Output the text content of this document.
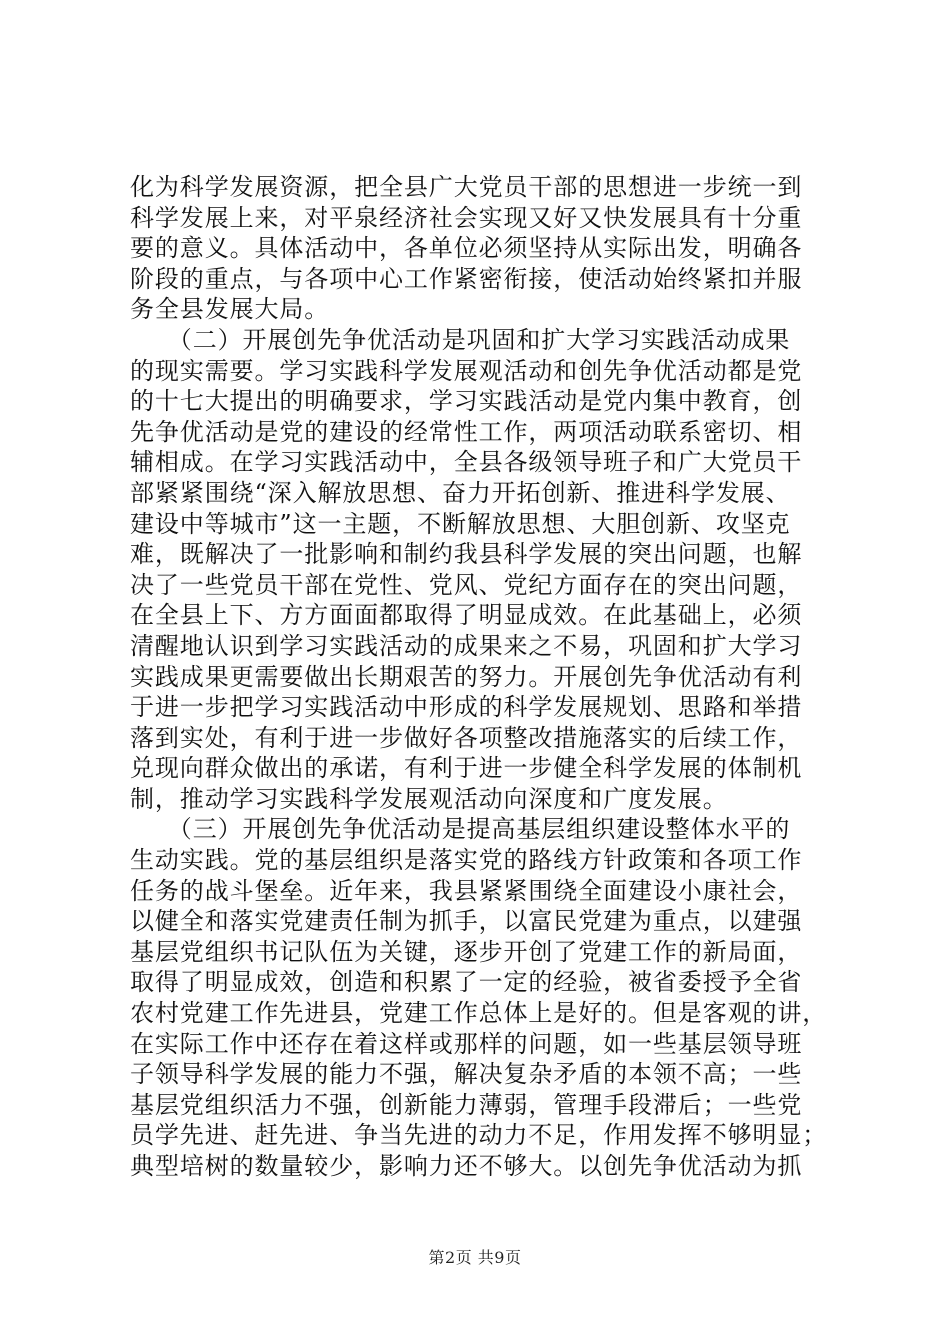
化为科学发展资源，把全县广大党员干部的思想进一步统一到
科学发展上来，对平泉经济社会实现又好又快发展具有十分重
要的意义。具体活动中，各单位必须坚持从实际出发，明确各
阶段的重点，与各项中心工作紧密衔接，使活动始终紧扣并服
务全县发展大局。
　　（二）开展创先争优活动是巩固和扩大学习实践活动成果
的现实需要。学习实践科学发展观活动和创先争优活动都是党
的十七大提出的明确要求，学习实践活动是党内集中教育，创
先争优活动是党的建设的经常性工作，两项活动联系密切、相
辅相成。在学习实践活动中，全县各级领导班子和广大党员干
部紧紧围绕“深入解放思想、奋力开拓创新、推进科学发展、
建设中等城市”这一主题，不断解放思想、大胆创新、攻坚克
难，既解决了一批影响和制约我县科学发展的突出问题，也解
决了一些党员干部在党性、党风、党纪方面存在的突出问题，
在全县上下、方方面面都取得了明显成效。在此基础上，必须
清醒地认识到学习实践活动的成果来之不易，巩固和扩大学习
实践成果更需要做出长期艰苦的努力。开展创先争优活动有利
于进一步把学习实践活动中形成的科学发展规划、思路和举措
落到实处，有利于进一步做好各项整改措施落实的后续工作，
兑现向群众做出的承诺，有利于进一步健全科学发展的体制机
制，推动学习实践科学发展观活动向深度和广度发展。
　　（三）开展创先争优活动是提高基层组织建设整体水平的
生动实践。党的基层组织是落实党的路线方针政策和各项工作
任务的战斗堡垒。近年来，我县紧紧围绕全面建设小康社会，
以健全和落实党建责任制为抓手，以富民党建为重点，以建强
基层党组织书记队伍为关键，逐步开创了党建工作的新局面，
取得了明显成效，创造和积累了一定的经验，被省委授予全省
农村党建工作先进县，党建工作总体上是好的。但是客观的讲，
在实际工作中还存在着这样或那样的问题，如一些基层领导班
子领导科学发展的能力不强，解决复杂矛盾的本领不高；一些
基层党组织活力不强，创新能力薄弱，管理手段滞后；一些党
员学先进、赶先进、争当先进的动力不足，作用发挥不够明显；
典型培树的数量较少，影响力还不够大。以创先争优活动为抓
第2页 共9页
